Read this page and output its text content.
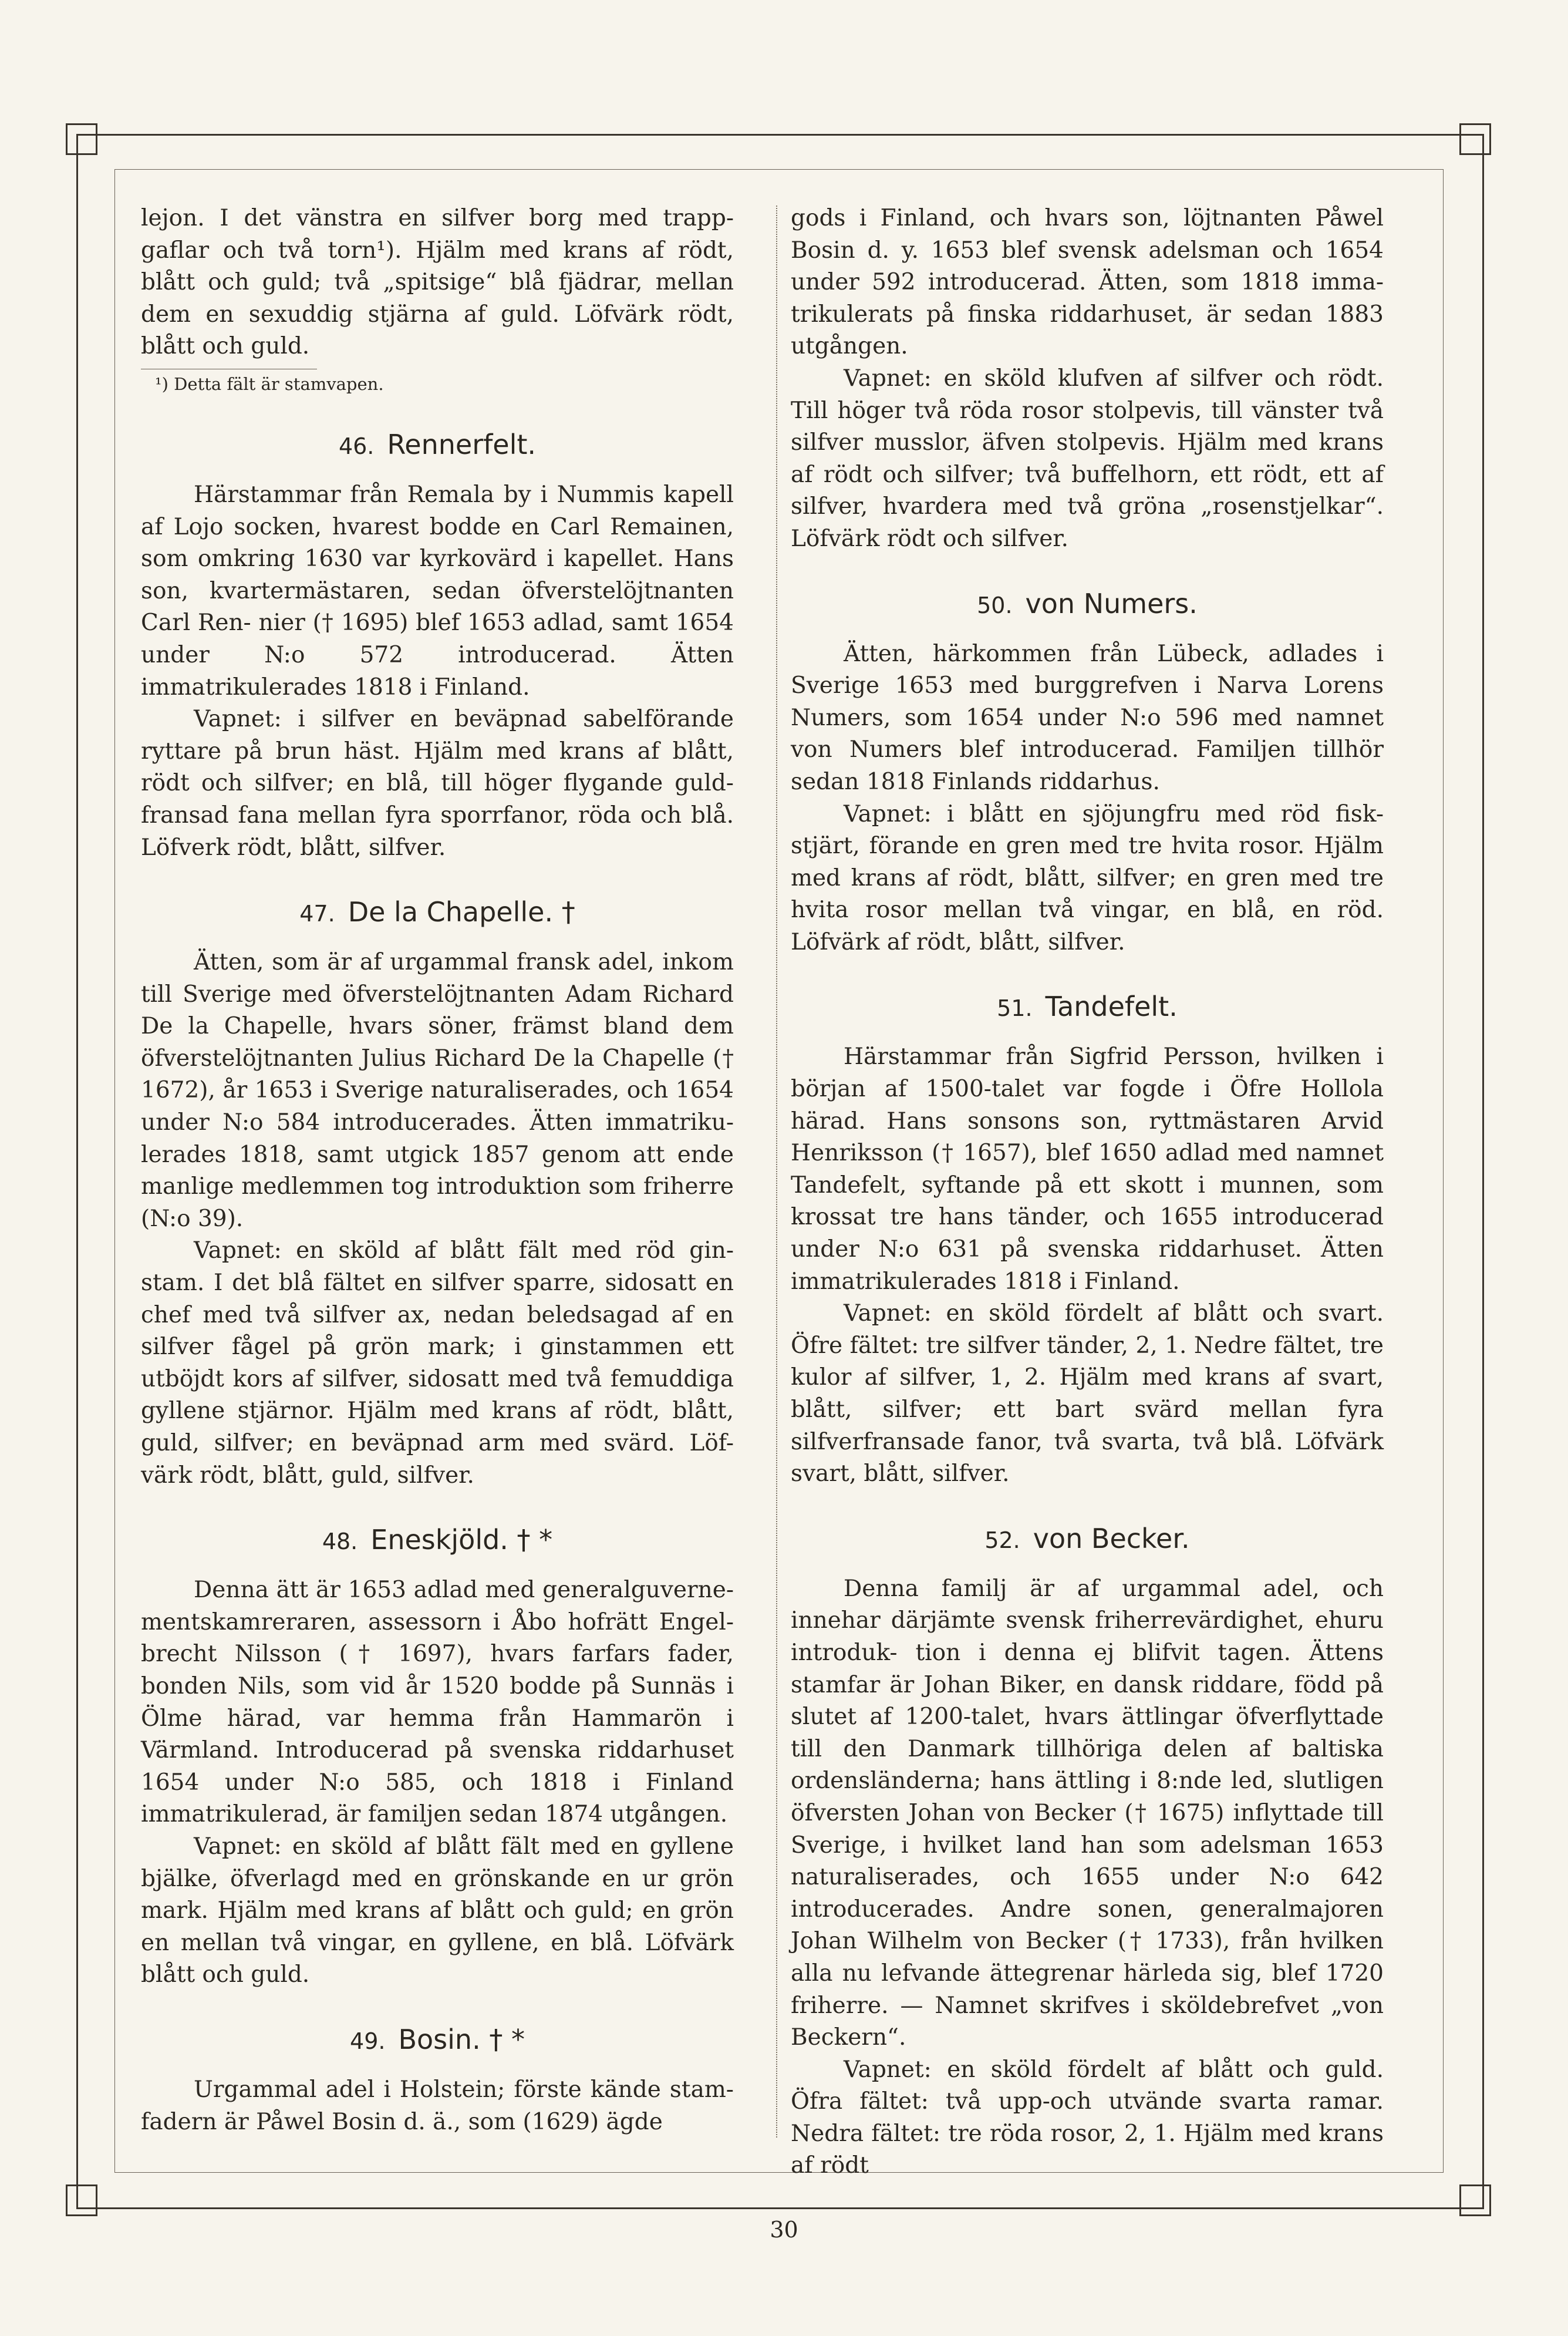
lejon. I det vänstra en silfver borg med trapp- gaflar och två torn¹). Hjälm med krans af rödt, blått och guld; två „spitsige“ blå fjädrar, mellan dem en sexuddig stjärna af guld. Löfvärk rödt, blått och guld.

¹) Detta fält är stamvapen.

46. Rennerfelt.

Härstammar från Remala by i Nummis kapell af Lojo socken, hvarest bodde en Carl Remainen, som omkring 1630 var kyrkovärd i kapellet. Hans son, kvartermästaren, sedan öfverstelöjtnanten Carl Ren- nier († 1695) blef 1653 adlad, samt 1654 under N:o 572 introducerad. Ätten immatrikulerades 1818 i Finland.

Vapnet: i silfver en beväpnad sabelförande ryttare på brun häst. Hjälm med krans af blått, rödt och silfver; en blå, till höger flygande guld- fransad fana mellan fyra sporrfanor, röda och blå. Löfverk rödt, blått, silfver.

47. De la Chapelle. †

Ätten, som är af urgammal fransk adel, inkom till Sverige med öfverstelöjtnanten Adam Richard De la Chapelle, hvars söner, främst bland dem öfverstelöjtnanten Julius Richard De la Chapelle († 1672), år 1653 i Sverige naturaliserades, och 1654 under N:o 584 introducerades. Ätten immatriku- lerades 1818, samt utgick 1857 genom att ende manlige medlemmen tog introduktion som friherre (N:o 39).

Vapnet: en sköld af blått fält med röd gin- stam. I det blå fältet en silfver sparre, sidosatt en chef med två silfver ax, nedan beledsagad af en silfver fågel på grön mark; i ginstammen ett utböjdt kors af silfver, sidosatt med två femuddiga gyllene stjärnor. Hjälm med krans af rödt, blått, guld, silfver; en beväpnad arm med svärd. Löf- värk rödt, blått, guld, silfver.

48. Eneskjöld. † *

Denna ätt är 1653 adlad med generalguverne- mentskamreraren, assessorn i Åbo hofrätt Engel- brecht Nilsson († 1697), hvars farfars fader, bonden Nils, som vid år 1520 bodde på Sunnäs i Ölme härad, var hemma från Hammarön i Värmland. Introducerad på svenska riddarhuset 1654 under N:o 585, och 1818 i Finland immatrikulerad, är familjen sedan 1874 utgången.

Vapnet: en sköld af blått fält med en gyllene bjälke, öfverlagd med en grönskande en ur grön mark. Hjälm med krans af blått och guld; en grön en mellan två vingar, en gyllene, en blå. Löfvärk blått och guld.

49. Bosin. † *

Urgammal adel i Holstein; förste kände stam- fadern är Påwel Bosin d. ä., som (1629) ägde

gods i Finland, och hvars son, löjtnanten Påwel Bosin d. y. 1653 blef svensk adelsman och 1654 under 592 introducerad. Ätten, som 1818 imma- trikulerats på finska riddarhuset, är sedan 1883 utgången.

Vapnet: en sköld klufven af silfver och rödt. Till höger två röda rosor stolpevis, till vänster två silfver musslor, äfven stolpevis. Hjälm med krans af rödt och silfver; två buffelhorn, ett rödt, ett af silfver, hvardera med två gröna „rosenstjelkar“. Löfvärk rödt och silfver.

50. von Numers.

Ätten, härkommen från Lübeck, adlades i Sverige 1653 med burggrefven i Narva Lorens Numers, som 1654 under N:o 596 med namnet von Numers blef introducerad. Familjen tillhör sedan 1818 Finlands riddarhus.

Vapnet: i blått en sjöjungfru med röd fisk- stjärt, förande en gren med tre hvita rosor. Hjälm med krans af rödt, blått, silfver; en gren med tre hvita rosor mellan två vingar, en blå, en röd. Löfvärk af rödt, blått, silfver.

51. Tandefelt.

Härstammar från Sigfrid Persson, hvilken i början af 1500-talet var fogde i Öfre Hollola härad. Hans sonsons son, ryttmästaren Arvid Henriksson († 1657), blef 1650 adlad med namnet Tandefelt, syftande på ett skott i munnen, som krossat tre hans tänder, och 1655 introducerad under N:o 631 på svenska riddarhuset. Ätten immatrikulerades 1818 i Finland.

Vapnet: en sköld fördelt af blått och svart. Öfre fältet: tre silfver tänder, 2, 1. Nedre fältet, tre kulor af silfver, 1, 2. Hjälm med krans af svart, blått, silfver; ett bart svärd mellan fyra silfverfransade fanor, två svarta, två blå. Löfvärk svart, blått, silfver.

52. von Becker.

Denna familj är af urgammal adel, och innehar därjämte svensk friherrevärdighet, ehuru introduk- tion i denna ej blifvit tagen. Ättens stamfar är Johan Biker, en dansk riddare, född på slutet af 1200-talet, hvars ättlingar öfverflyttade till den Danmark tillhöriga delen af baltiska ordensländerna; hans ättling i 8:nde led, slutligen öfversten Johan von Becker († 1675) inflyttade till Sverige, i hvilket land han som adelsman 1653 naturaliserades, och 1655 under N:o 642 introducerades. Andre sonen, generalmajoren Johan Wilhelm von Becker († 1733), från hvilken alla nu lefvande ättegrenar härleda sig, blef 1720 friherre. — Namnet skrifves i sköldebrefvet „von Beckern“.

Vapnet: en sköld fördelt af blått och guld. Öfra fältet: två upp-och utvände svarta ramar. Nedra fältet: tre röda rosor, 2, 1. Hjälm med krans af rödt

30
